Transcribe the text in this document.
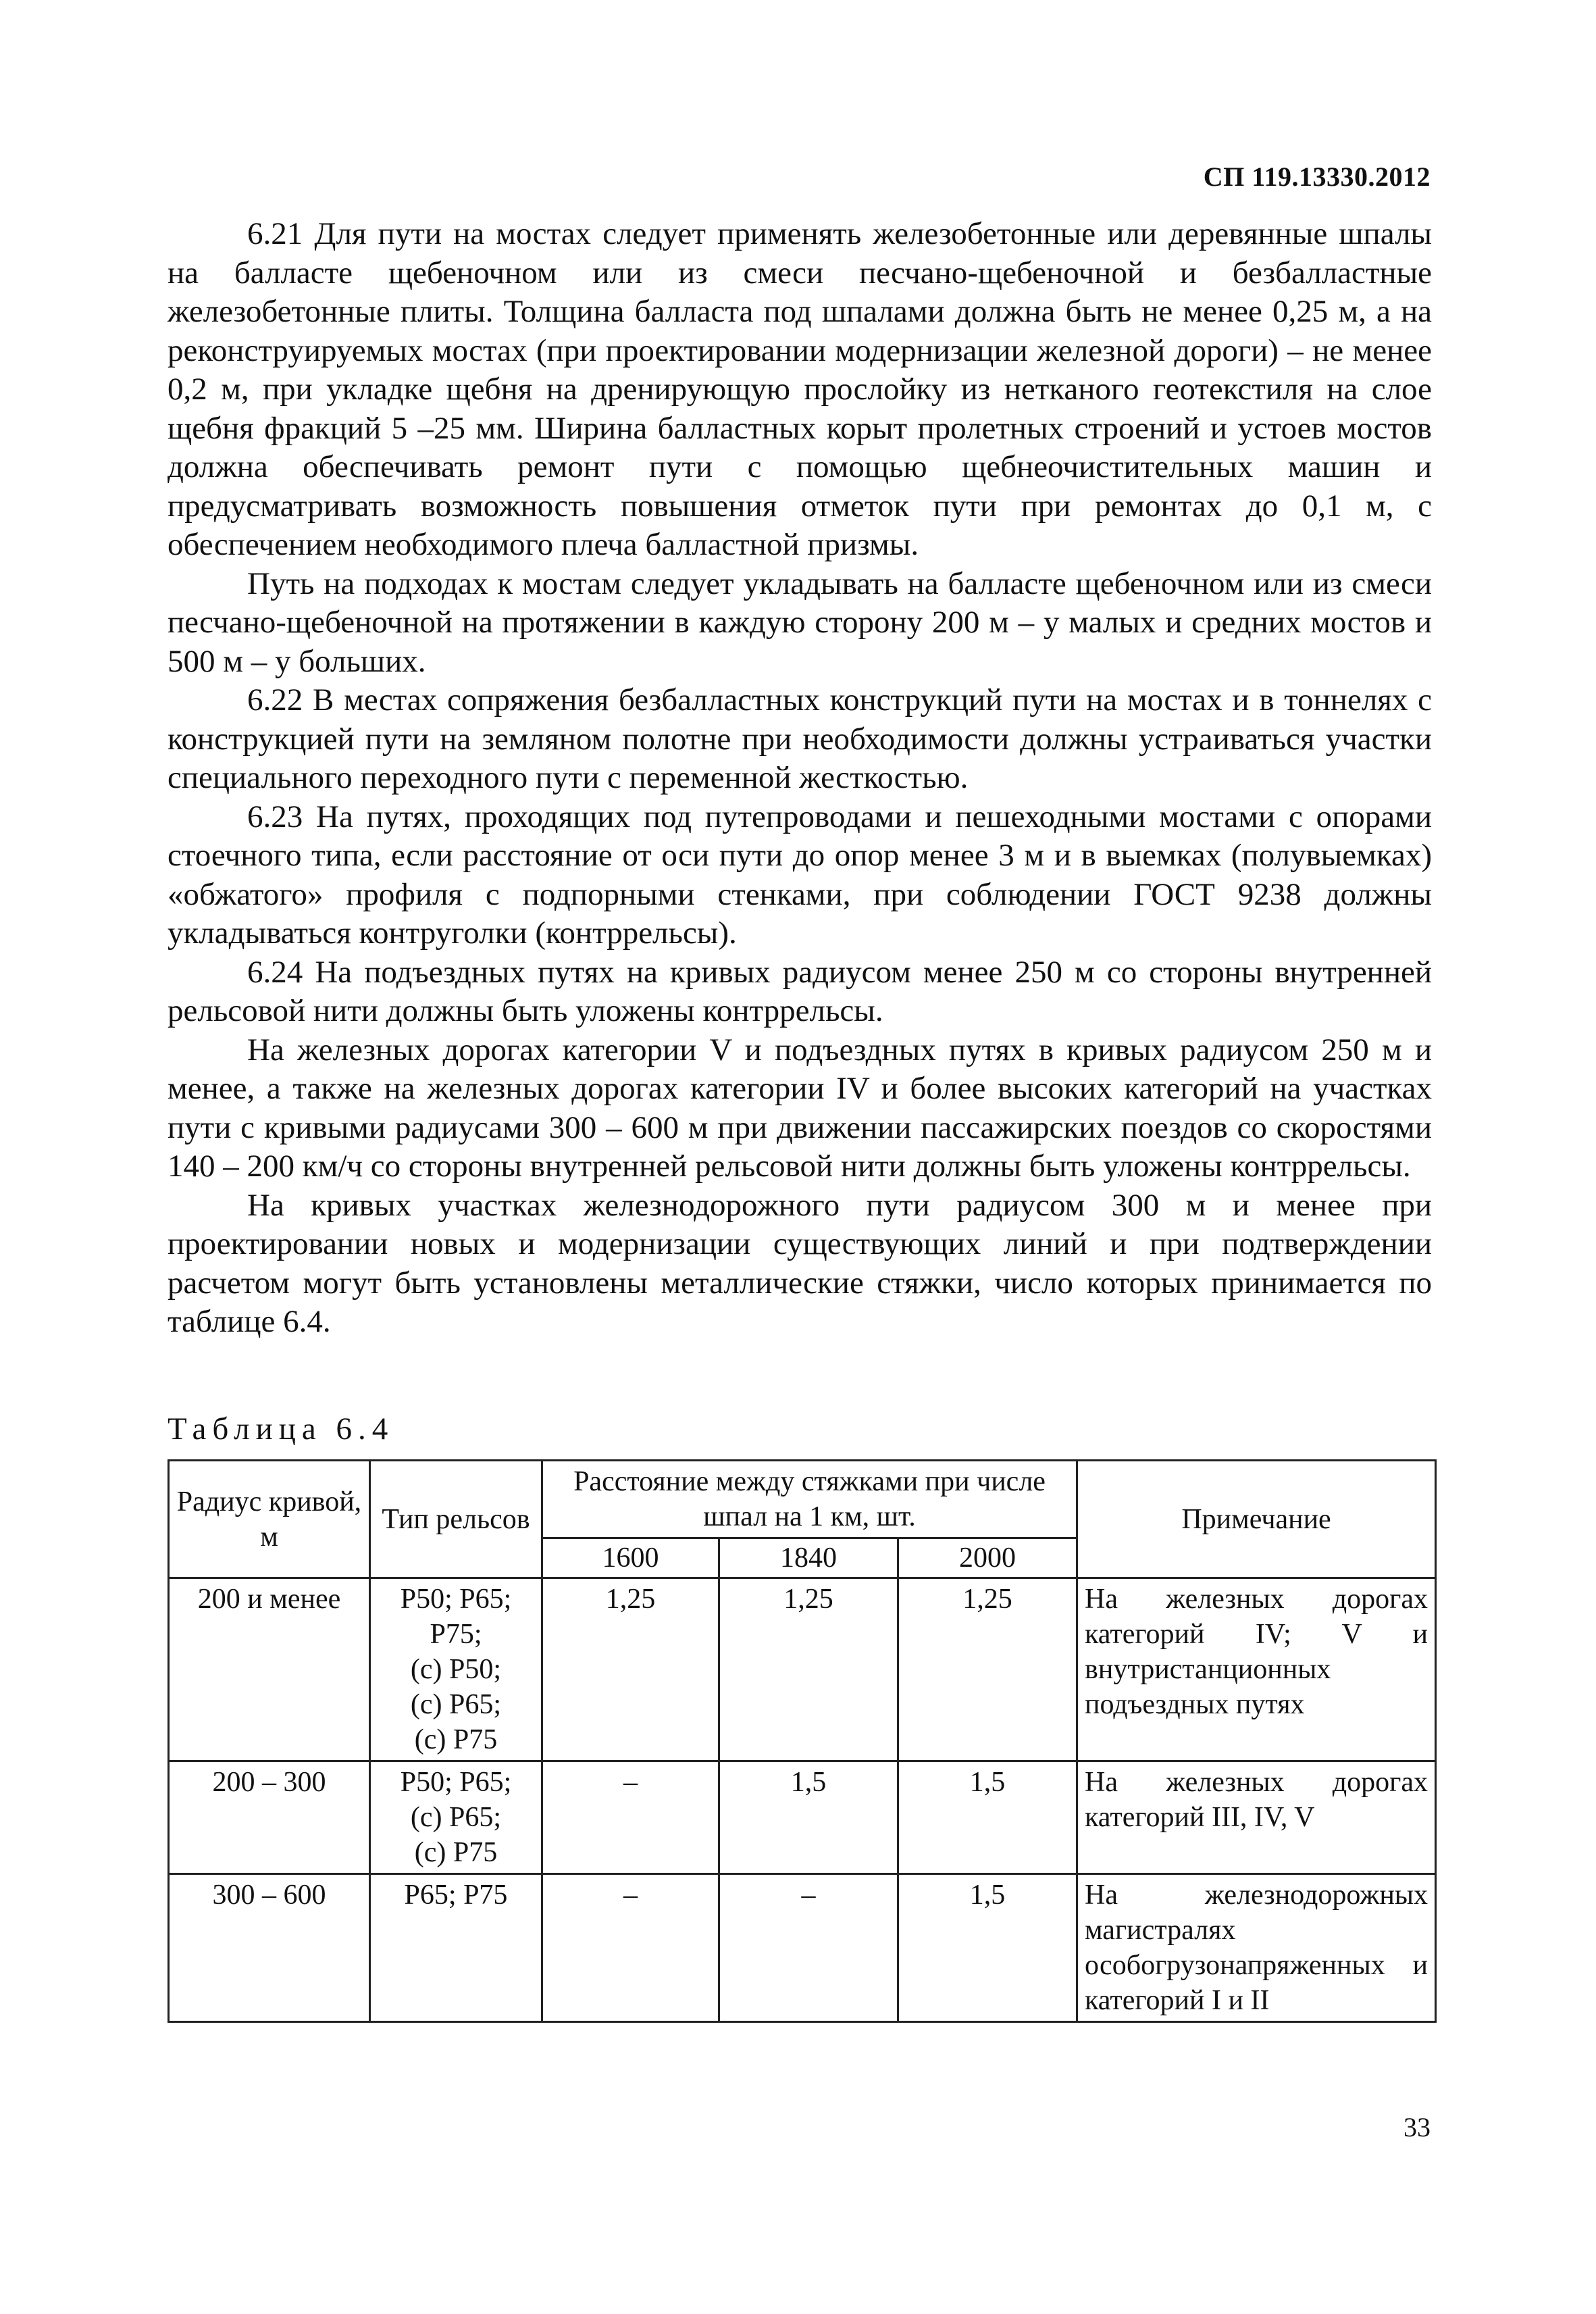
СП 119.13330.2012

6.21 Для пути на мостах следует применять железобетонные или деревянные шпалы на балласте щебеночном или из смеси песчано-щебеночной и безбалластные железобетонные плиты. Толщина балласта под шпалами должна быть не менее 0,25 м, а на реконструируемых мостах (при проектировании модернизации железной дороги) – не менее 0,2 м, при укладке щебня на дренирующую прослойку из нетканого геотекстиля на слое щебня фракций 5 –25 мм. Ширина балластных корыт пролетных строений и устоев мостов должна обеспечивать ремонт пути с помощью щебнеочистительных машин и предусматривать возможность повышения отметок пути при ремонтах до 0,1 м, с обеспечением необходимого плеча балластной призмы.

Путь на подходах к мостам следует укладывать на балласте щебеночном или из смеси песчано-щебеночной на протяжении в каждую сторону 200 м – у малых и средних мостов и 500 м – у больших.

6.22 В местах сопряжения безбалластных конструкций пути на мостах и в тоннелях с конструкцией пути на земляном полотне при необходимости должны устраиваться участки специального переходного пути с переменной жесткостью.

6.23 На путях, проходящих под путепроводами и пешеходными мостами с опорами стоечного типа, если расстояние от оси пути до опор менее 3 м и в выемках (полувыемках) «обжатого» профиля с подпорными стенками, при соблюдении ГОСТ 9238 должны укладываться контруголки (контррельсы).

6.24 На подъездных путях на кривых радиусом менее 250 м со стороны внутренней рельсовой нити должны быть уложены контррельсы.

На железных дорогах категории V и подъездных путях в кривых радиусом 250 м и менее, а также на железных дорогах категории IV и более высоких категорий на участках пути с кривыми радиусами 300 – 600 м при движении пассажирских поездов со скоростями 140 – 200 км/ч со стороны внутренней рельсовой нити должны быть уложены контррельсы.

На кривых участках железнодорожного пути радиусом 300 м и менее при проектировании новых и модернизации существующих линий и при подтверждении расчетом могут быть установлены металлические стяжки, число которых принимается по таблице 6.4.

Таблица 6.4
Радиус кривой, м	Тип рельсов	Расстояние между стяжками при числе шпал на 1 км, шт.			Примечание
		1600	1840	2000	
200 и менее	Р50; Р65;
Р75;
(с) Р50;
(с) Р65;
(с) Р75	1,25	1,25	1,25	На железных дорогах категорий IV; V и внутристанционных подъездных путях
200 – 300	Р50; Р65;
(с) Р65;
(с) Р75	–	1,5	1,5	На железных дорогах категорий III, IV, V
300 – 600	Р65; Р75	–	–	1,5	На железнодорожных магистралях особогрузонапряженных и категорий I и II
33
